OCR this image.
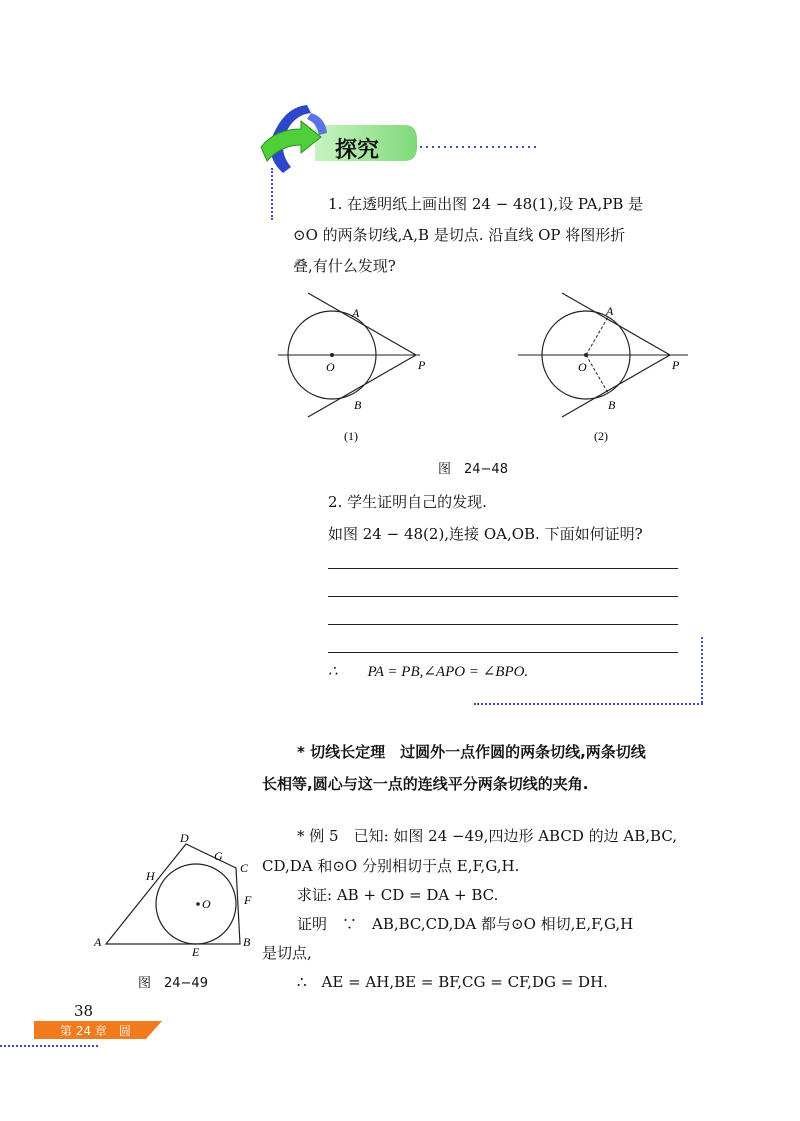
探究
1. 在透明纸上画出图 24 − 48(1),设 PA,PB 是
⊙O 的两条切线,A,B 是切点. 沿直线 OP 将图形折
叠,有什么发现?
A
O	P
B
(1)
A
O	P
B
(2)
图　24−48
2. 学生证明自己的发现.
如图 24 − 48(2),连接 OA,OB. 下面如何证明?
∴　　PA = PB,∠APO = ∠BPO.
* 切线长定理　过圆外一点作圆的两条切线,两条切线
长相等,圆心与这一点的连线平分两条切线的夹角.
* 例 5　已知: 如图 24 −49,四边形 ABCD 的边 AB,BC,
CD,DA 和⊙O 分别相切于点 E,F,G,H.
求证: AB + CD = DA + BC.
证明　∵　AB,BC,CD,DA 都与⊙O 相切,E,F,G,H
是切点,
∴　AE = AH,BE = BF,CG = CF,DG = DH.
A	B
C
D
E
F
G
H
O
图　24−49
38
第 24 章　圆
